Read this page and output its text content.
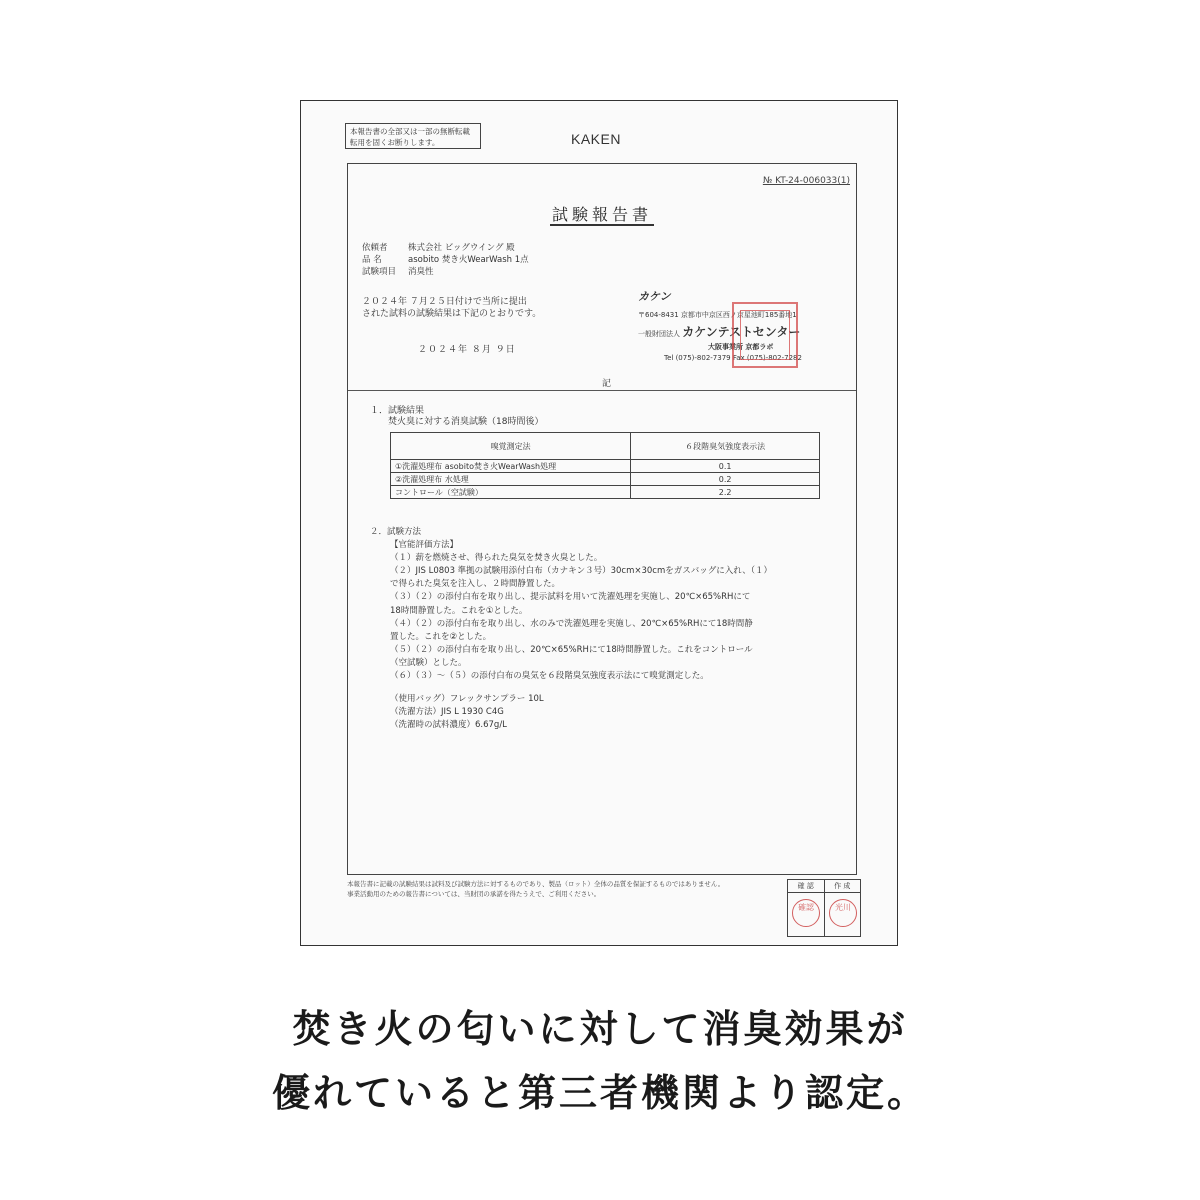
本報告書の全部又は一部の無断転載転用を固くお断りします。	KAKEN
№ KT-24-006033(1)
試験報告書
依頼者 株式会社 ビッグウイング 殿
品 名	asobito 焚き火WearWash 1点
試験項目 消臭性
２０２４年 ７月２５日付けで当所に提出
された試料の試験結果は下記のとおりです。
２０２４年 ８月 ９日
カケン
〒604-8431 京都市中京区西ノ京星池町185番地1
一般財団法人 カケンテストセンター
大阪事業所 京都ラボ
Tel (075)-802-7379 Fax (075)-802-7282
記
１．試験結果
焚火臭に対する消臭試験（18時間後）
嗅覚測定法	６段階臭気強度表示法
①洗濯処理布 asobito焚き火WearWash処理	0.1
②洗濯処理布 水処理	0.2
コントロール（空試験）	2.2
２．試験方法
【官能評価方法】
（１）薪を燃焼させ、得られた臭気を焚き火臭とした。
（２）JIS L0803 準拠の試験用添付白布（カナキン３号）30cm×30cmをガスバッグに入れ、（１）
で得られた臭気を注入し、２時間静置した。
（３）（２）の添付白布を取り出し、提示試料を用いて洗濯処理を実施し、20℃×65%RHにて
18時間静置した。これを①とした。
（４）（２）の添付白布を取り出し、水のみで洗濯処理を実施し、20℃×65%RHにて18時間静
置した。これを②とした。
（５）（２）の添付白布を取り出し、20℃×65%RHにて18時間静置した。これをコントロール
（空試験）とした。
（６）（３）～（５）の添付白布の臭気を６段階臭気強度表示法にて嗅覚測定した。
（使用バッグ）フレックサンプラー 10L
（洗濯方法）JIS L 1930 C4G
（洗濯時の試料濃度）6.67g/L
本報告書に記載の試験結果は試料及び試験方法に対するものであり、製品（ロット）全体の品質を保証するものではありません。
事業活動用のための報告書については、当財団の承諾を得たうえで、ご利用ください。
確 認	作 成
確認	光川
焚き火の匂いに対して消臭効果が
優れていると第三者機関より認定。
